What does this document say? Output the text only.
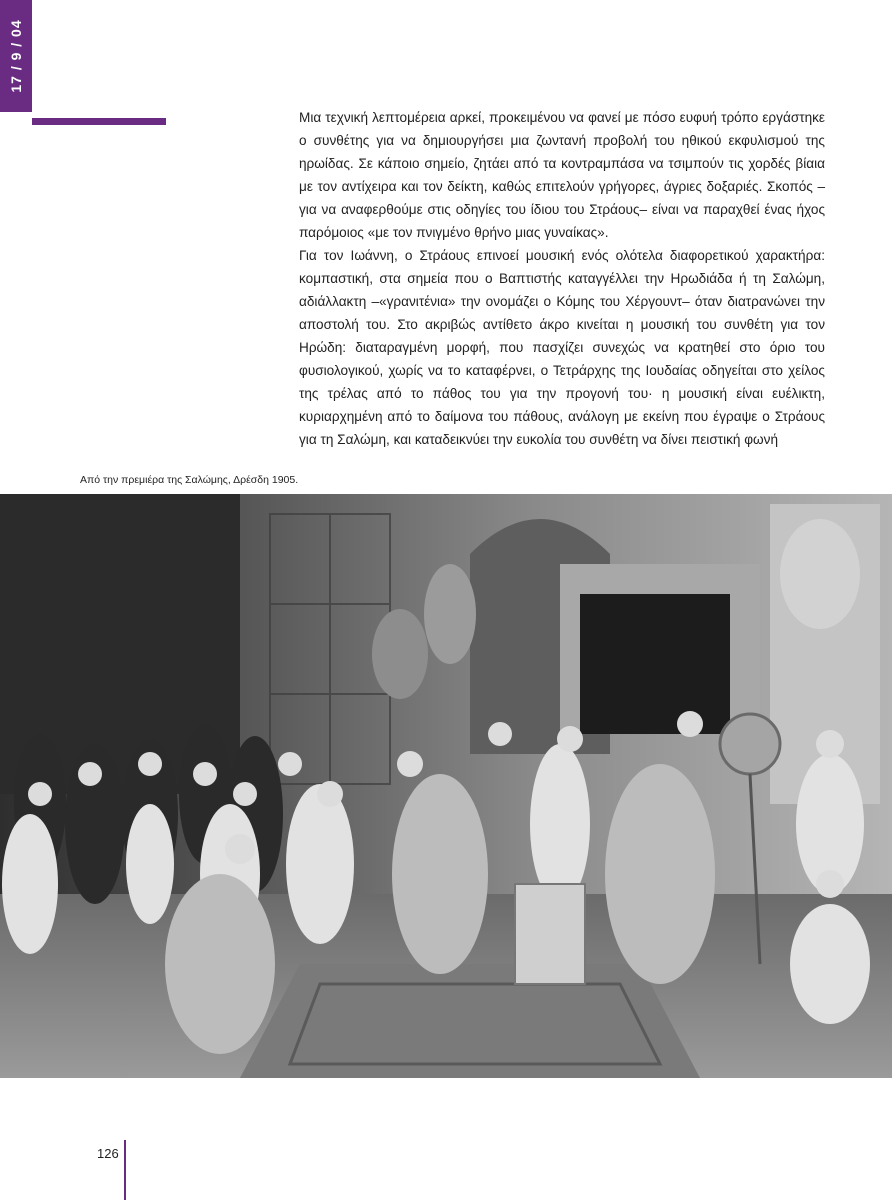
17 / 9 / 04

Μια τεχνική λεπτομέρεια αρκεί, προκειμένου να φανεί με πόσο ευφυή τρόπο εργάστηκε ο συνθέτης για να δημιουργήσει μια ζωντανή προβολή του ηθικού εκφυλισμού της ηρωίδας. Σε κάποιο σημείο, ζητάει από τα κοντραμπάσα να τσιμπούν τις χορδές βίαια με τον αντίχειρα και τον δείκτη, καθώς επιτελούν γρήγορες, άγριες δοξαριές. Σκοπός –για να αναφερθούμε στις οδηγίες του ίδιου του Στράους– είναι να παραχθεί ένας ήχος παρόμοιος «με τον πνιγμένο θρήνο μιας γυναίκας».

Για τον Ιωάννη, ο Στράους επινοεί μουσική ενός ολότελα διαφορετικού χαρακτήρα: κομπαστική, στα σημεία που ο Βαπτιστής καταγγέλλει την Ηρωδιάδα ή τη Σαλώμη, αδιάλλακτη –«γρανιτένια» την ονομάζει ο Κόμης του Χέργουντ– όταν διατρανώνει την αποστολή του. Στο ακριβώς αντίθετο άκρο κινείται η μουσική του συνθέτη για τον Ηρώδη: διαταραγμένη μορφή, που πασχίζει συνεχώς να κρατηθεί στο όριο του φυσιολογικού, χωρίς να το καταφέρνει, ο Τετράρχης της Ιουδαίας οδηγείται στο χείλος της τρέλας από το πάθος του για την προγονή του· η μουσική είναι ευέλικτη, κυριαρχημένη από το δαίμονα του πάθους, ανάλογη με εκείνη που έγραψε ο Στράους για τη Σαλώμη, και καταδεικνύει την ευκολία του συνθέτη να δίνει πειστική φωνή

Από την πρεμιέρα της Σαλώμης, Δρέσδη 1905.
126
